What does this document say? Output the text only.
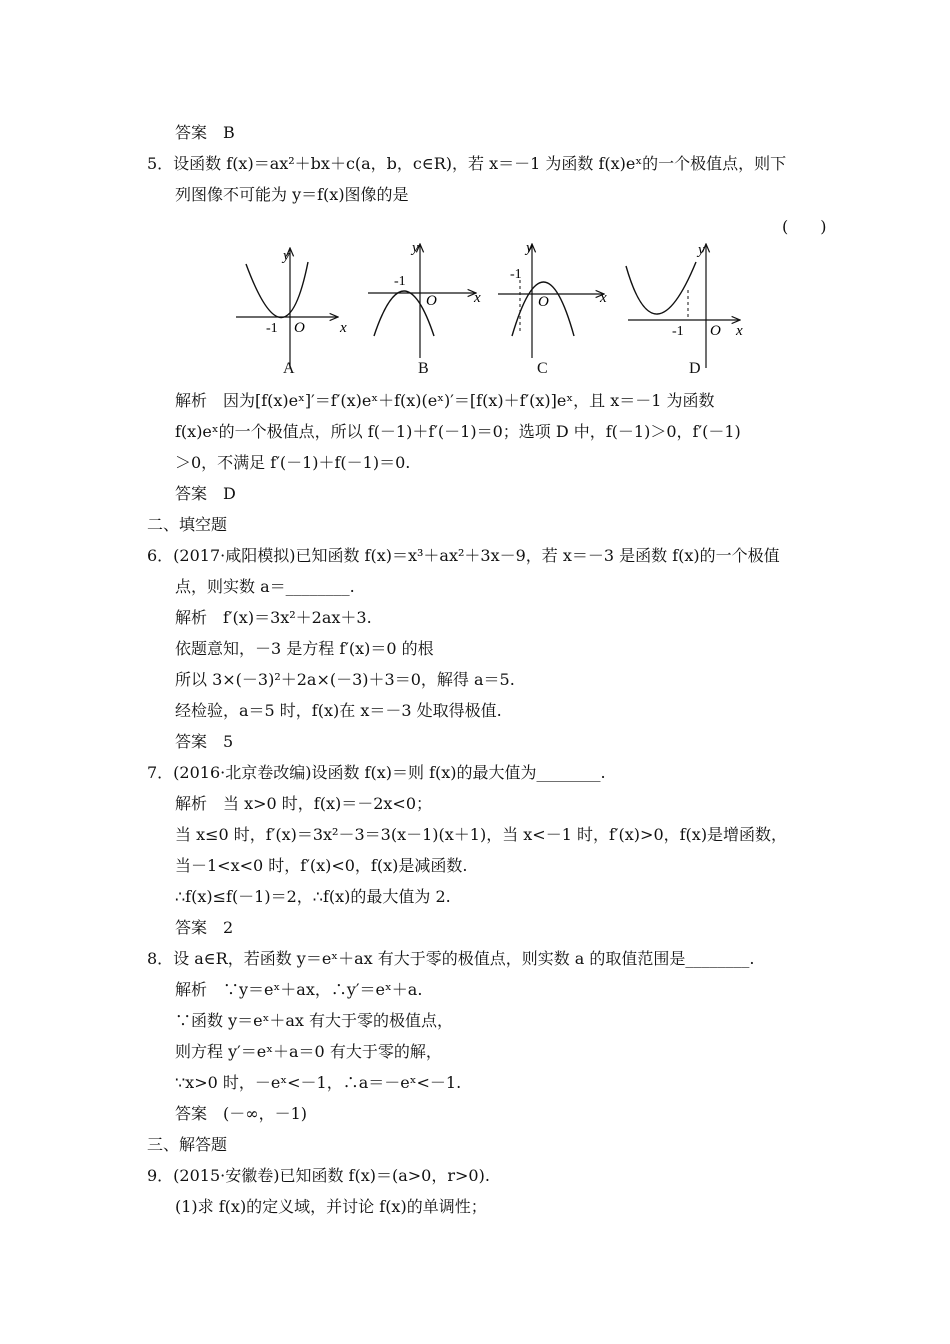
答案　B
5．设函数 f(x)＝ax²＋bx＋c(a，b，c∈R)，若 x＝－1 为函数 f(x)eˣ的一个极值点，则下
列图像不可能为 y＝f(x)图像的是
(　　)
x
y
O
-1
x
y
O
-1
x
y
O
-1
x
y
O
-1
A	B	C	D
解析　因为[f(x)eˣ]′＝f′(x)eˣ＋f(x)(eˣ)′＝[f(x)＋f′(x)]eˣ，且 x＝－1 为函数
f(x)eˣ的一个极值点，所以 f(－1)＋f′(－1)＝0；选项 D 中，f(－1)＞0，f′(－1)
＞0，不满足 f′(－1)＋f(－1)＝0.
答案　D
二、填空题
6．(2017·咸阳模拟)已知函数 f(x)＝x³＋ax²＋3x－9，若 x＝－3 是函数 f(x)的一个极值
点，则实数 a＝________.
解析　f′(x)＝3x²＋2ax＋3.
依题意知，－3 是方程 f′(x)＝0 的根
所以 3×(－3)²＋2a×(－3)＋3＝0，解得 a＝5.
经检验，a＝5 时，f(x)在 x＝－3 处取得极值.
答案　5
7．(2016·北京卷改编)设函数 f(x)＝则 f(x)的最大值为________.
解析　当 x>0 时，f(x)＝－2x<0；
当 x≤0 时，f′(x)＝3x²－3＝3(x－1)(x＋1)，当 x<－1 时，f′(x)>0，f(x)是增函数，
当－1<x<0 时，f′(x)<0，f(x)是减函数.
∴f(x)≤f(－1)＝2，∴f(x)的最大值为 2.
答案　2
8．设 a∈R，若函数 y＝eˣ＋ax 有大于零的极值点，则实数 a 的取值范围是________.
解析　∵y＝eˣ＋ax，∴y′＝eˣ＋a.
∵函数 y＝eˣ＋ax 有大于零的极值点，
则方程 y′＝eˣ＋a＝0 有大于零的解，
∵x>0 时，－eˣ<－1，∴a＝－eˣ<－1.
答案　(－∞，－1)
三、解答题
9．(2015·安徽卷)已知函数 f(x)＝(a>0，r>0).
(1)求 f(x)的定义域，并讨论 f(x)的单调性；
